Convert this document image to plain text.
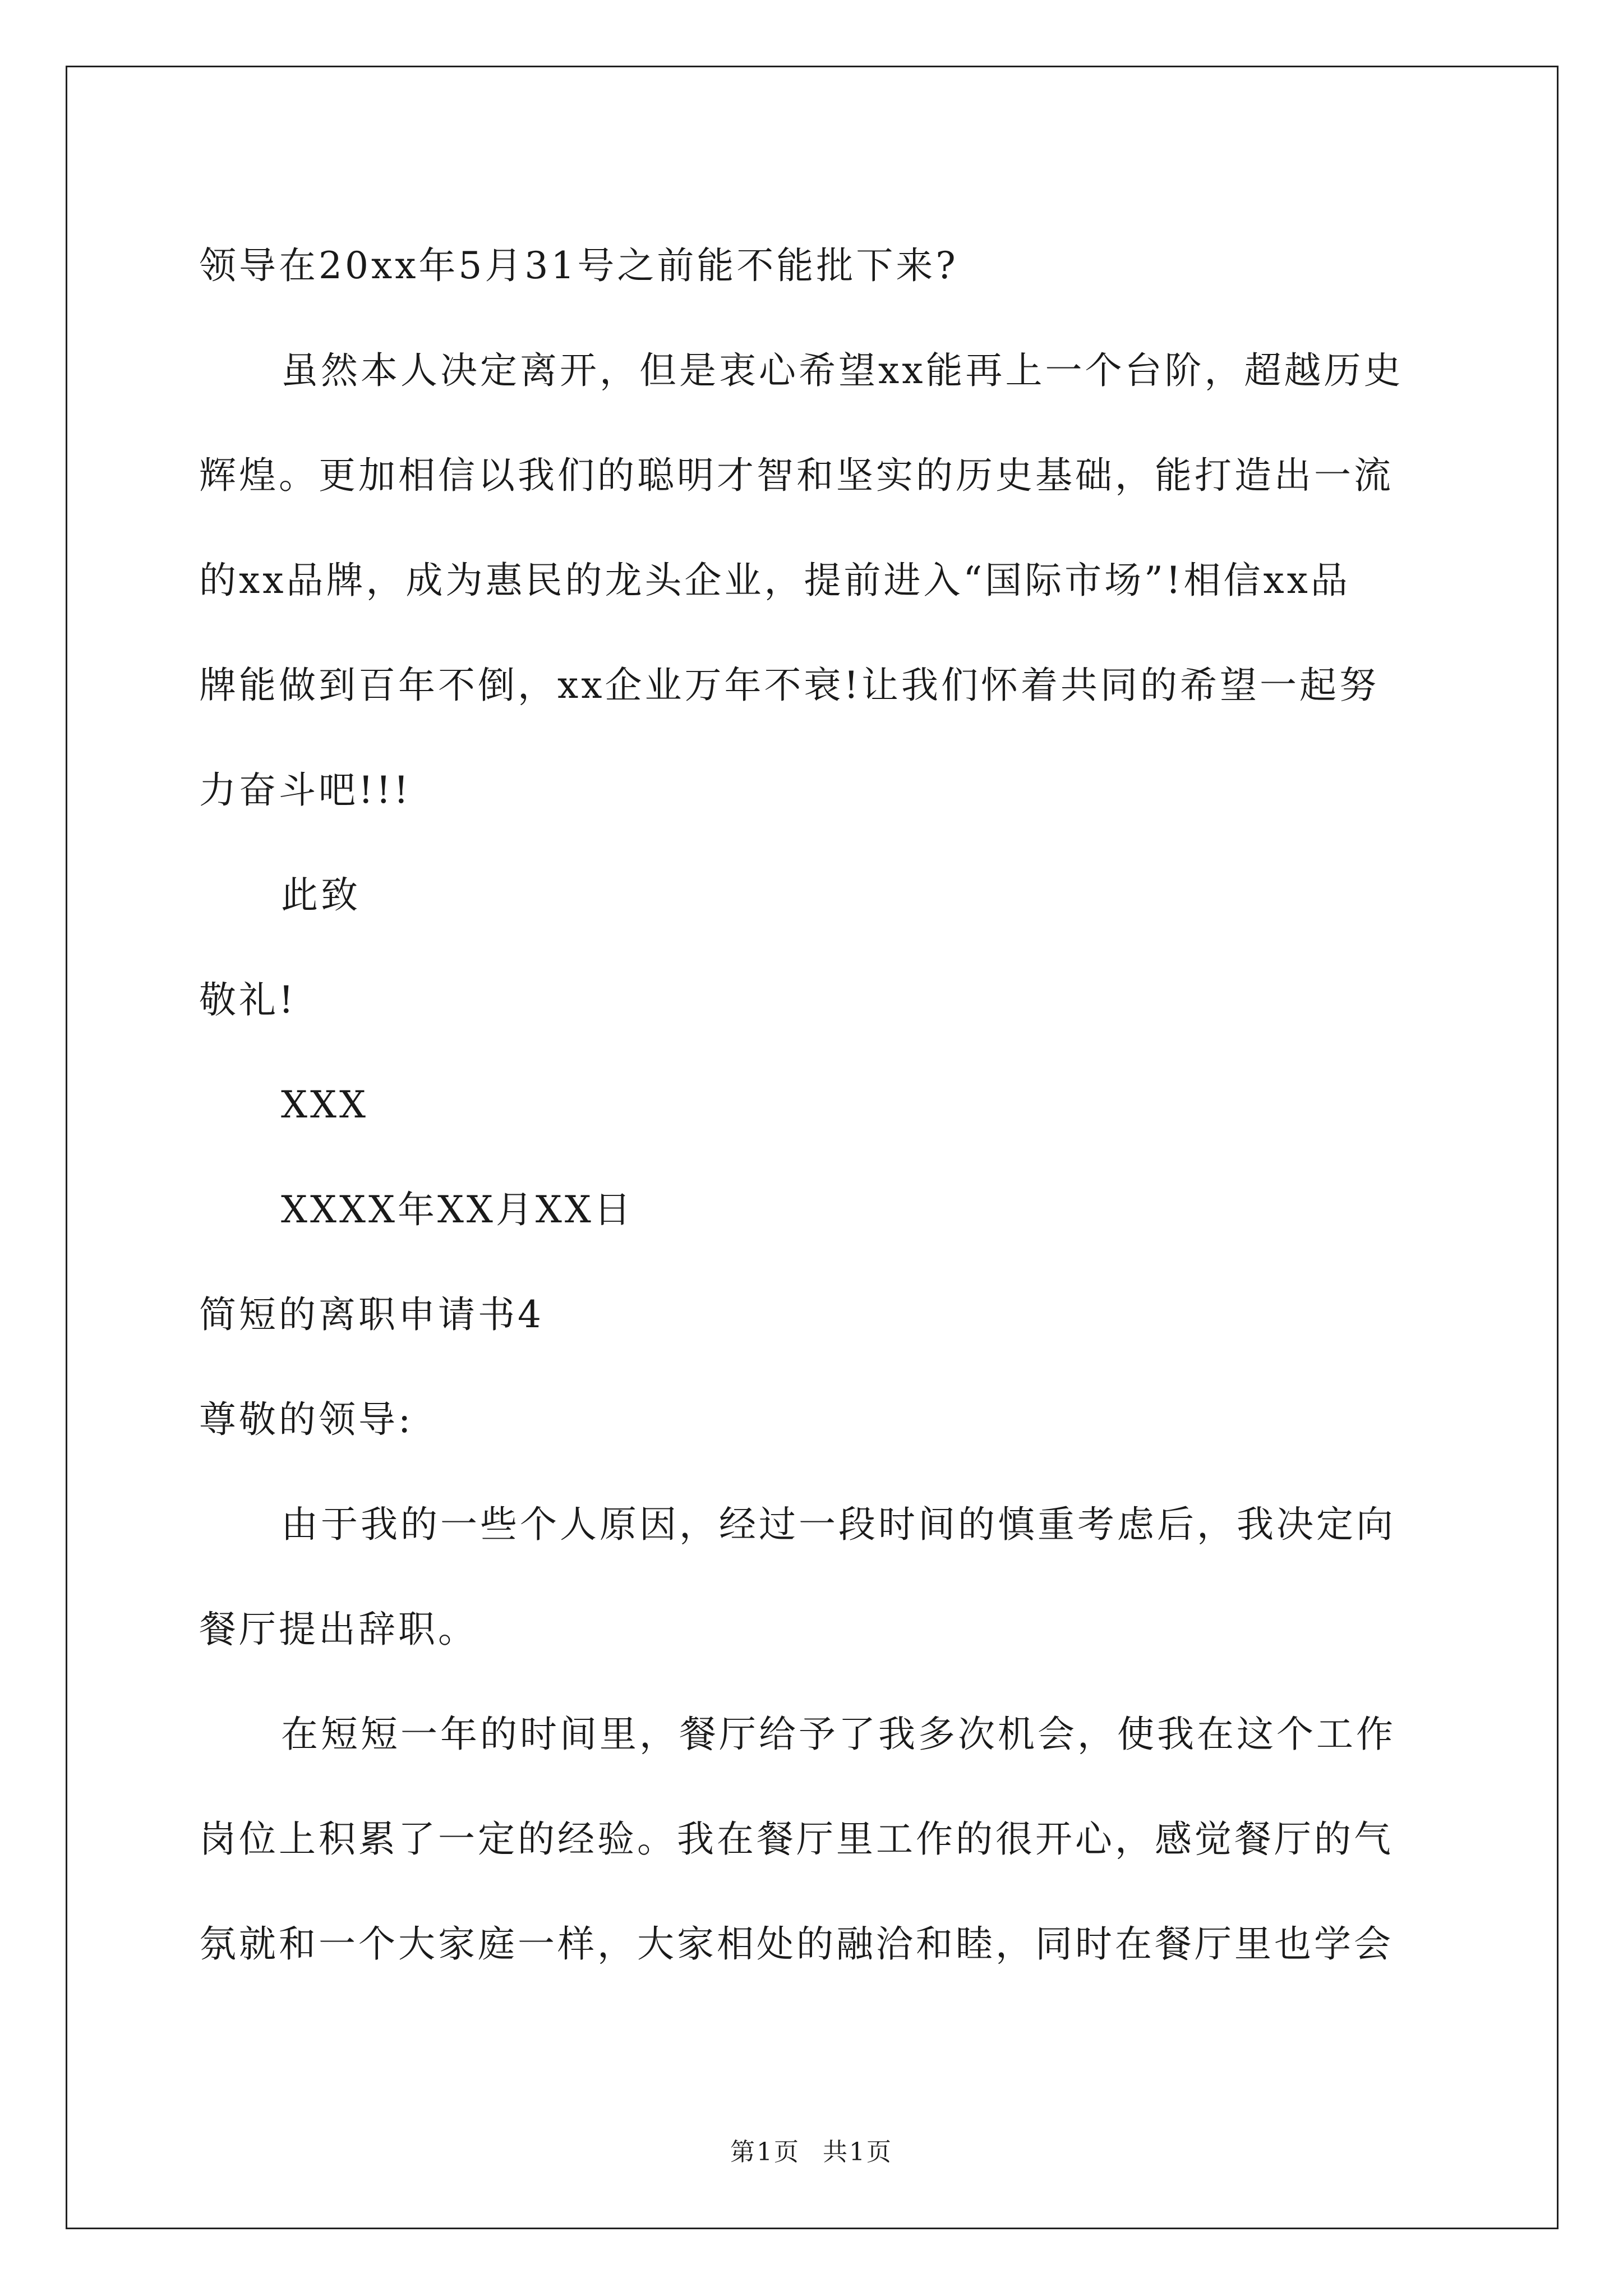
领导在20xx年5月31号之前能不能批下来?
虽然本人决定离开，但是衷心希望xx能再上一个台阶，超越历史
辉煌。更加相信以我们的聪明才智和坚实的历史基础，能打造出一流
的xx品牌，成为惠民的龙头企业，提前进入“国际市场”!相信xx品
牌能做到百年不倒，xx企业万年不衰!让我们怀着共同的希望一起努
力奋斗吧!!!
此致
敬礼!
XXX
XXXX年XX月XX日
简短的离职申请书4
尊敬的领导:
由于我的一些个人原因，经过一段时间的慎重考虑后，我决定向
餐厅提出辞职。
在短短一年的时间里，餐厅给予了我多次机会，使我在这个工作
岗位上积累了一定的经验。我在餐厅里工作的很开心，感觉餐厅的气
氛就和一个大家庭一样，大家相处的融洽和睦，同时在餐厅里也学会
第1页 共1页
